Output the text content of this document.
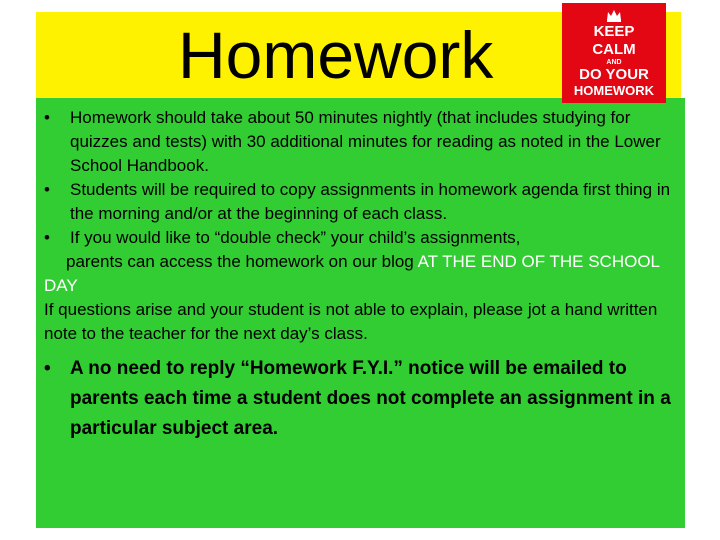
Homework	KEEP
CALM
AND
DO YOUR
HOMEWORK
•	Homework should take about 50 minutes nightly (that includes studying for quizzes and tests) with 30 additional minutes for reading as noted in the Lower School Handbook.
•	Students will be required to copy assignments in homework agenda first thing in the morning and/or at the beginning of each class.
•	If you would like to “double check” your child’s assignments,
parents can access the homework on our blog AT THE END OF THE SCHOOL DAY
If questions arise and your student is not able to explain, please jot a hand written note to the teacher for the next day’s class.
•	A no need to reply “Homework F.Y.I.” notice will be emailed to parents each time a student does not complete an assignment in a particular subject area.
